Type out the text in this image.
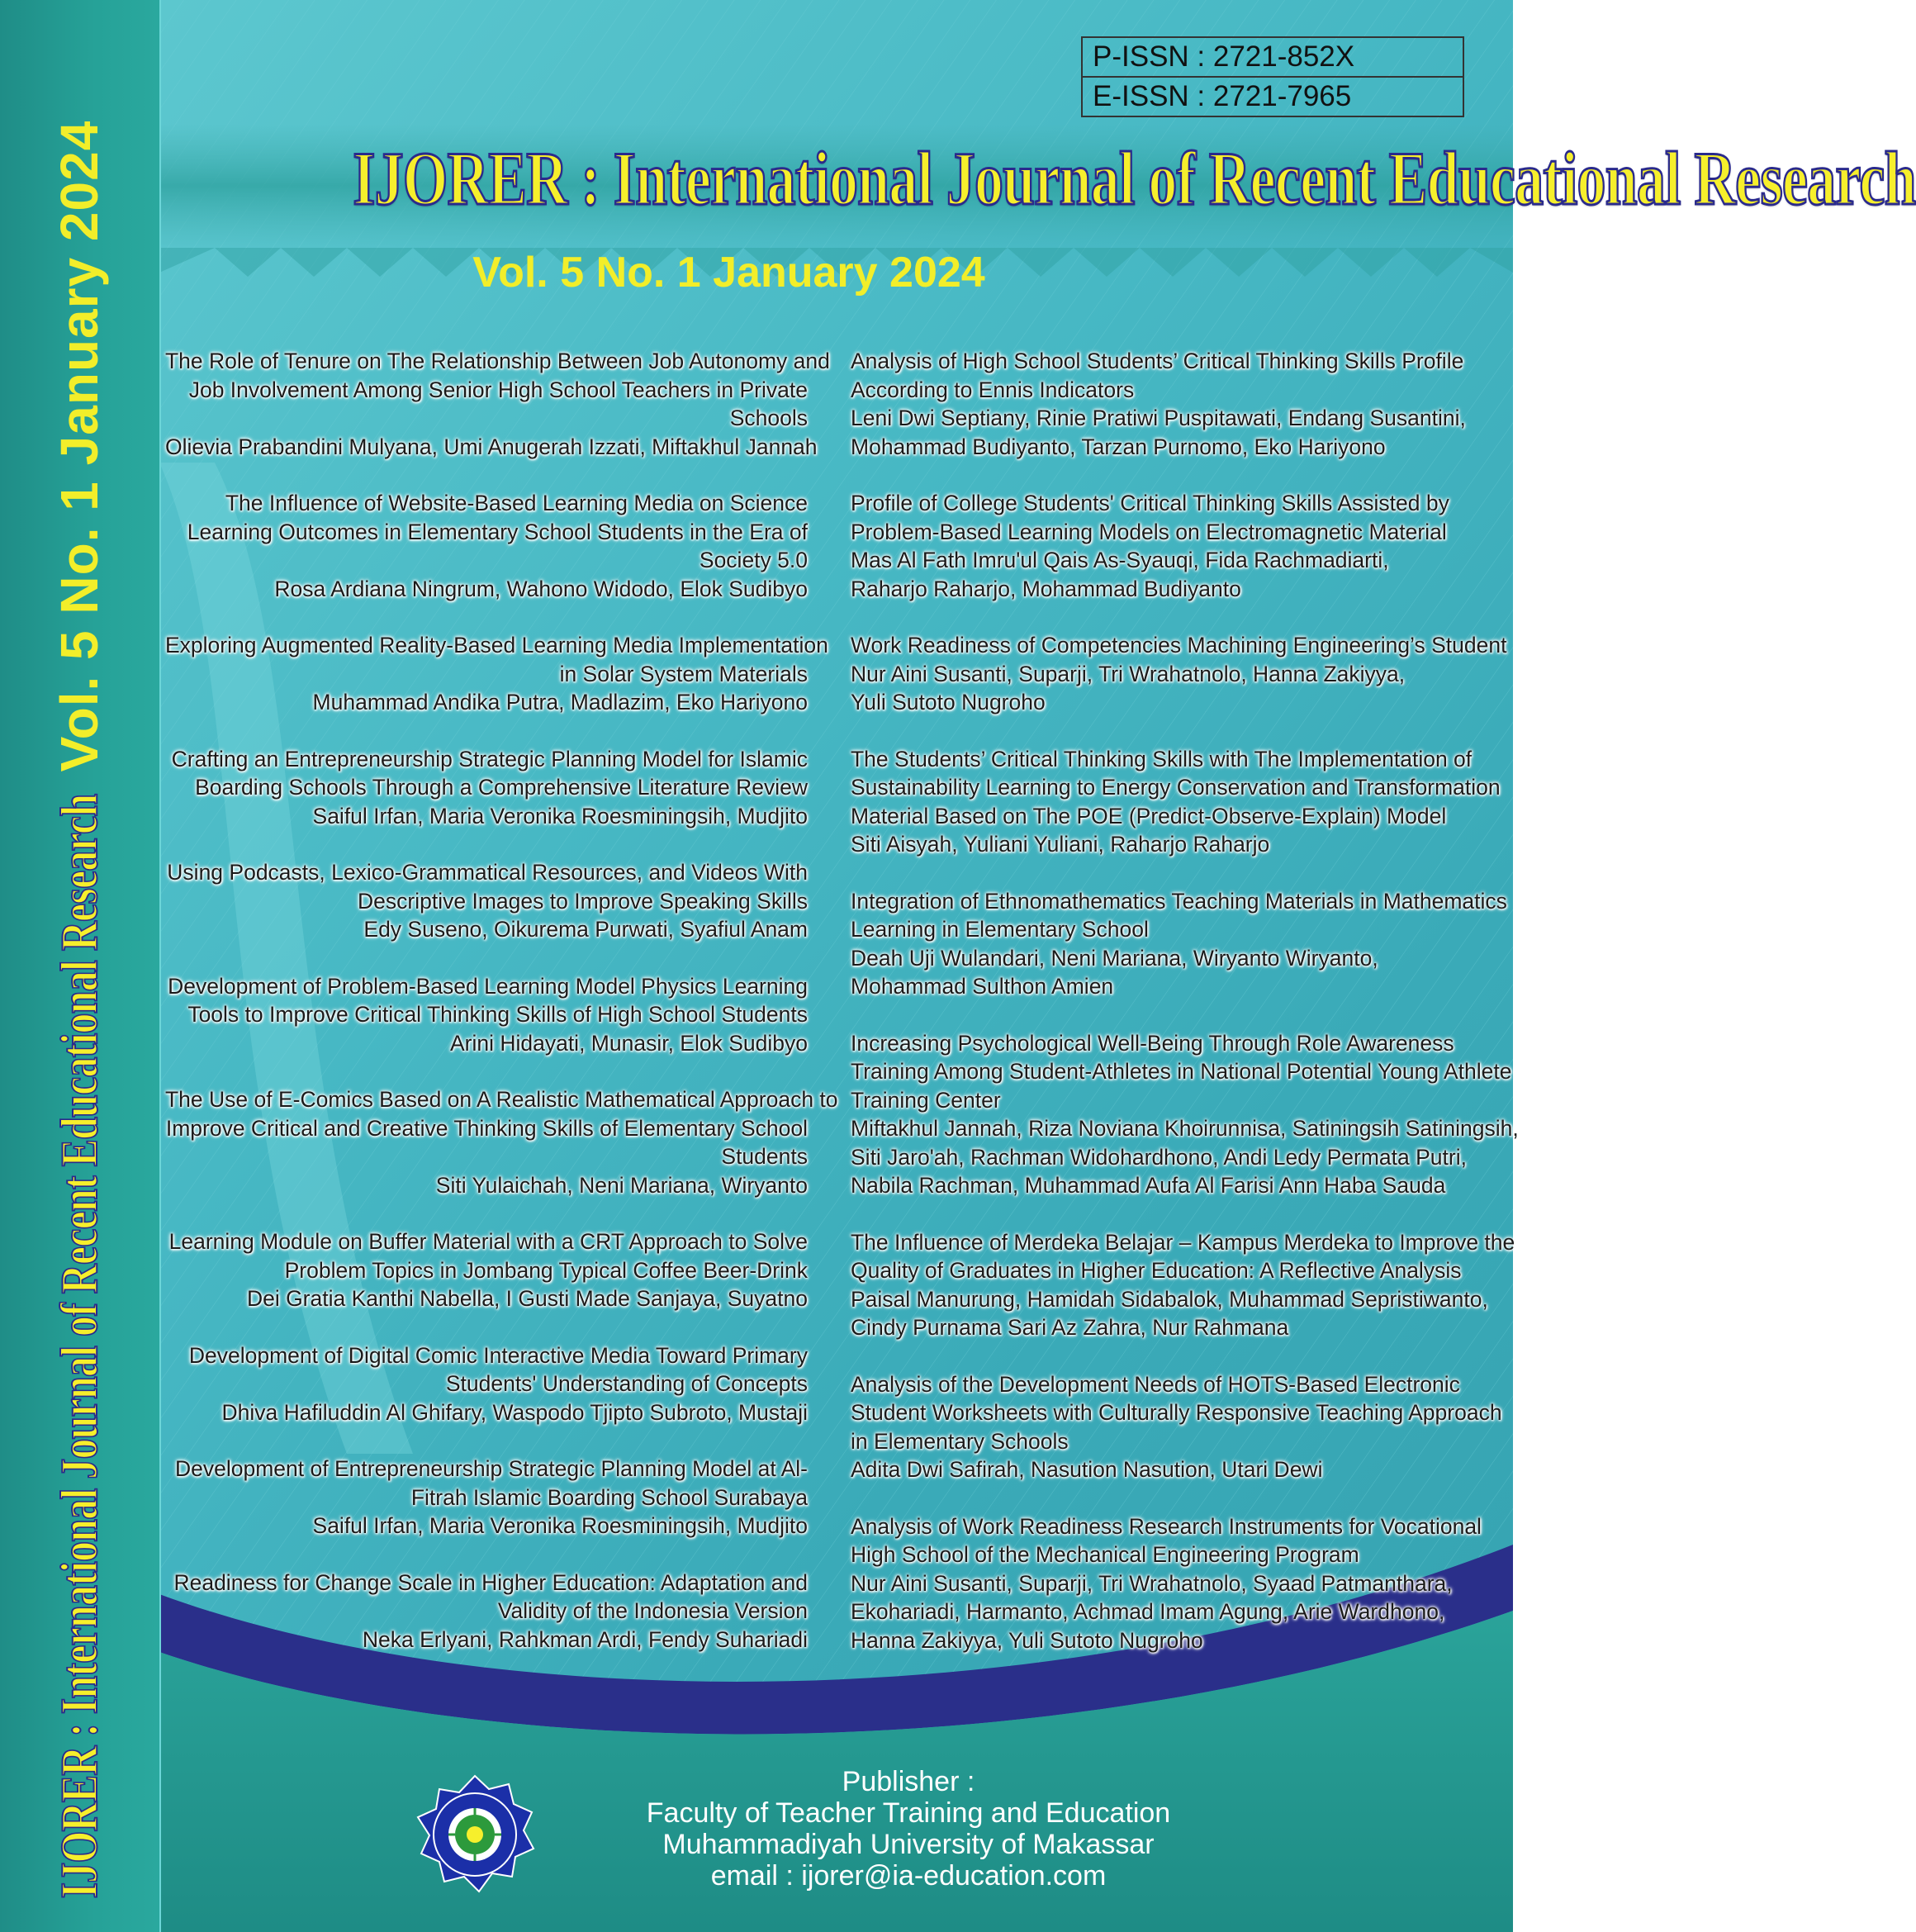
Vol. 5 No. 1 January 2024
IJORER : International Journal of Recent Educational Research
P-ISSN : 2721-852X
E-ISSN : 2721-7965
IJORER : International Journal of Recent Educational Research
Vol. 5 No. 1 January 2024
The Role of Tenure on The Relationship Between Job Autonomy and
Job Involvement Among Senior High School Teachers in Private
Schools
Olievia Prabandini Mulyana, Umi Anugerah Izzati, Miftakhul Jannah
The Influence of Website-Based Learning Media on Science
Learning Outcomes in Elementary School Students in the Era of
Society 5.0
Rosa Ardiana Ningrum, Wahono Widodo, Elok Sudibyo
Exploring Augmented Reality-Based Learning Media Implementation
in Solar System Materials
Muhammad Andika Putra, Madlazim, Eko Hariyono
Crafting an Entrepreneurship Strategic Planning Model for Islamic
Boarding Schools Through a Comprehensive Literature Review
Saiful Irfan, Maria Veronika Roesminingsih, Mudjito
Using Podcasts, Lexico-Grammatical Resources, and Videos With
Descriptive Images to Improve Speaking Skills
Edy Suseno, Oikurema Purwati, Syafiul Anam
Development of Problem-Based Learning Model Physics Learning
Tools to Improve Critical Thinking Skills of High School Students
Arini Hidayati, Munasir, Elok Sudibyo
The Use of E-Comics Based on A Realistic Mathematical Approach to
Improve Critical and Creative Thinking Skills of Elementary School
Students
Siti Yulaichah, Neni Mariana, Wiryanto
Learning Module on Buffer Material with a CRT Approach to Solve
Problem Topics in Jombang Typical Coffee Beer-Drink
Dei Gratia Kanthi Nabella, I Gusti Made Sanjaya, Suyatno
Development of Digital Comic Interactive Media Toward Primary
Students' Understanding of Concepts
Dhiva Hafiluddin Al Ghifary, Waspodo Tjipto Subroto, Mustaji
Development of Entrepreneurship Strategic Planning Model at Al-
Fitrah Islamic Boarding School Surabaya
Saiful Irfan, Maria Veronika Roesminingsih, Mudjito
Readiness for Change Scale in Higher Education: Adaptation and
Validity of the Indonesia Version
Neka Erlyani, Rahkman Ardi, Fendy Suhariadi
Analysis of High School Students’ Critical Thinking Skills Profile
According to Ennis Indicators
Leni Dwi Septiany, Rinie Pratiwi Puspitawati, Endang Susantini,
Mohammad Budiyanto, Tarzan Purnomo, Eko Hariyono
Profile of College Students' Critical Thinking Skills Assisted by
Problem-Based Learning Models on Electromagnetic Material
Mas Al Fath Imru'ul Qais As-Syauqi, Fida Rachmadiarti,
Raharjo Raharjo, Mohammad Budiyanto
Work Readiness of Competencies Machining Engineering’s Student
Nur Aini Susanti, Suparji, Tri Wrahatnolo, Hanna Zakiyya,
Yuli Sutoto Nugroho
The Students’ Critical Thinking Skills with The Implementation of
Sustainability Learning to Energy Conservation and Transformation
Material Based on The POE (Predict-Observe-Explain) Model
Siti Aisyah, Yuliani Yuliani, Raharjo Raharjo
Integration of Ethnomathematics Teaching Materials in Mathematics
Learning in Elementary School
Deah Uji Wulandari, Neni Mariana, Wiryanto Wiryanto,
Mohammad Sulthon Amien
Increasing Psychological Well-Being Through Role Awareness
Training Among Student-Athletes in National Potential Young Athlete
Training Center
Miftakhul Jannah, Riza Noviana Khoirunnisa, Satiningsih Satiningsih,
Siti Jaro'ah, Rachman Widohardhono, Andi Ledy Permata Putri,
Nabila Rachman, Muhammad Aufa Al Farisi Ann Haba Sauda
The Influence of Merdeka Belajar – Kampus Merdeka to Improve the
Quality of Graduates in Higher Education: A Reflective Analysis
Paisal Manurung, Hamidah Sidabalok, Muhammad Sepristiwanto,
Cindy Purnama Sari Az Zahra, Nur Rahmana
Analysis of the Development Needs of HOTS-Based Electronic
Student Worksheets with Culturally Responsive Teaching Approach
in Elementary Schools
Adita Dwi Safirah, Nasution Nasution, Utari Dewi
Analysis of Work Readiness Research Instruments for Vocational
High School of the Mechanical Engineering Program
Nur Aini Susanti, Suparji, Tri Wrahatnolo, Syaad Patmanthara,
Ekohariadi, Harmanto, Achmad Imam Agung, Arie Wardhono,
Hanna Zakiyya, Yuli Sutoto Nugroho
Publisher :
Faculty of Teacher Training and Education
Muhammadiyah University of Makassar
email : ijorer@ia-education.com
